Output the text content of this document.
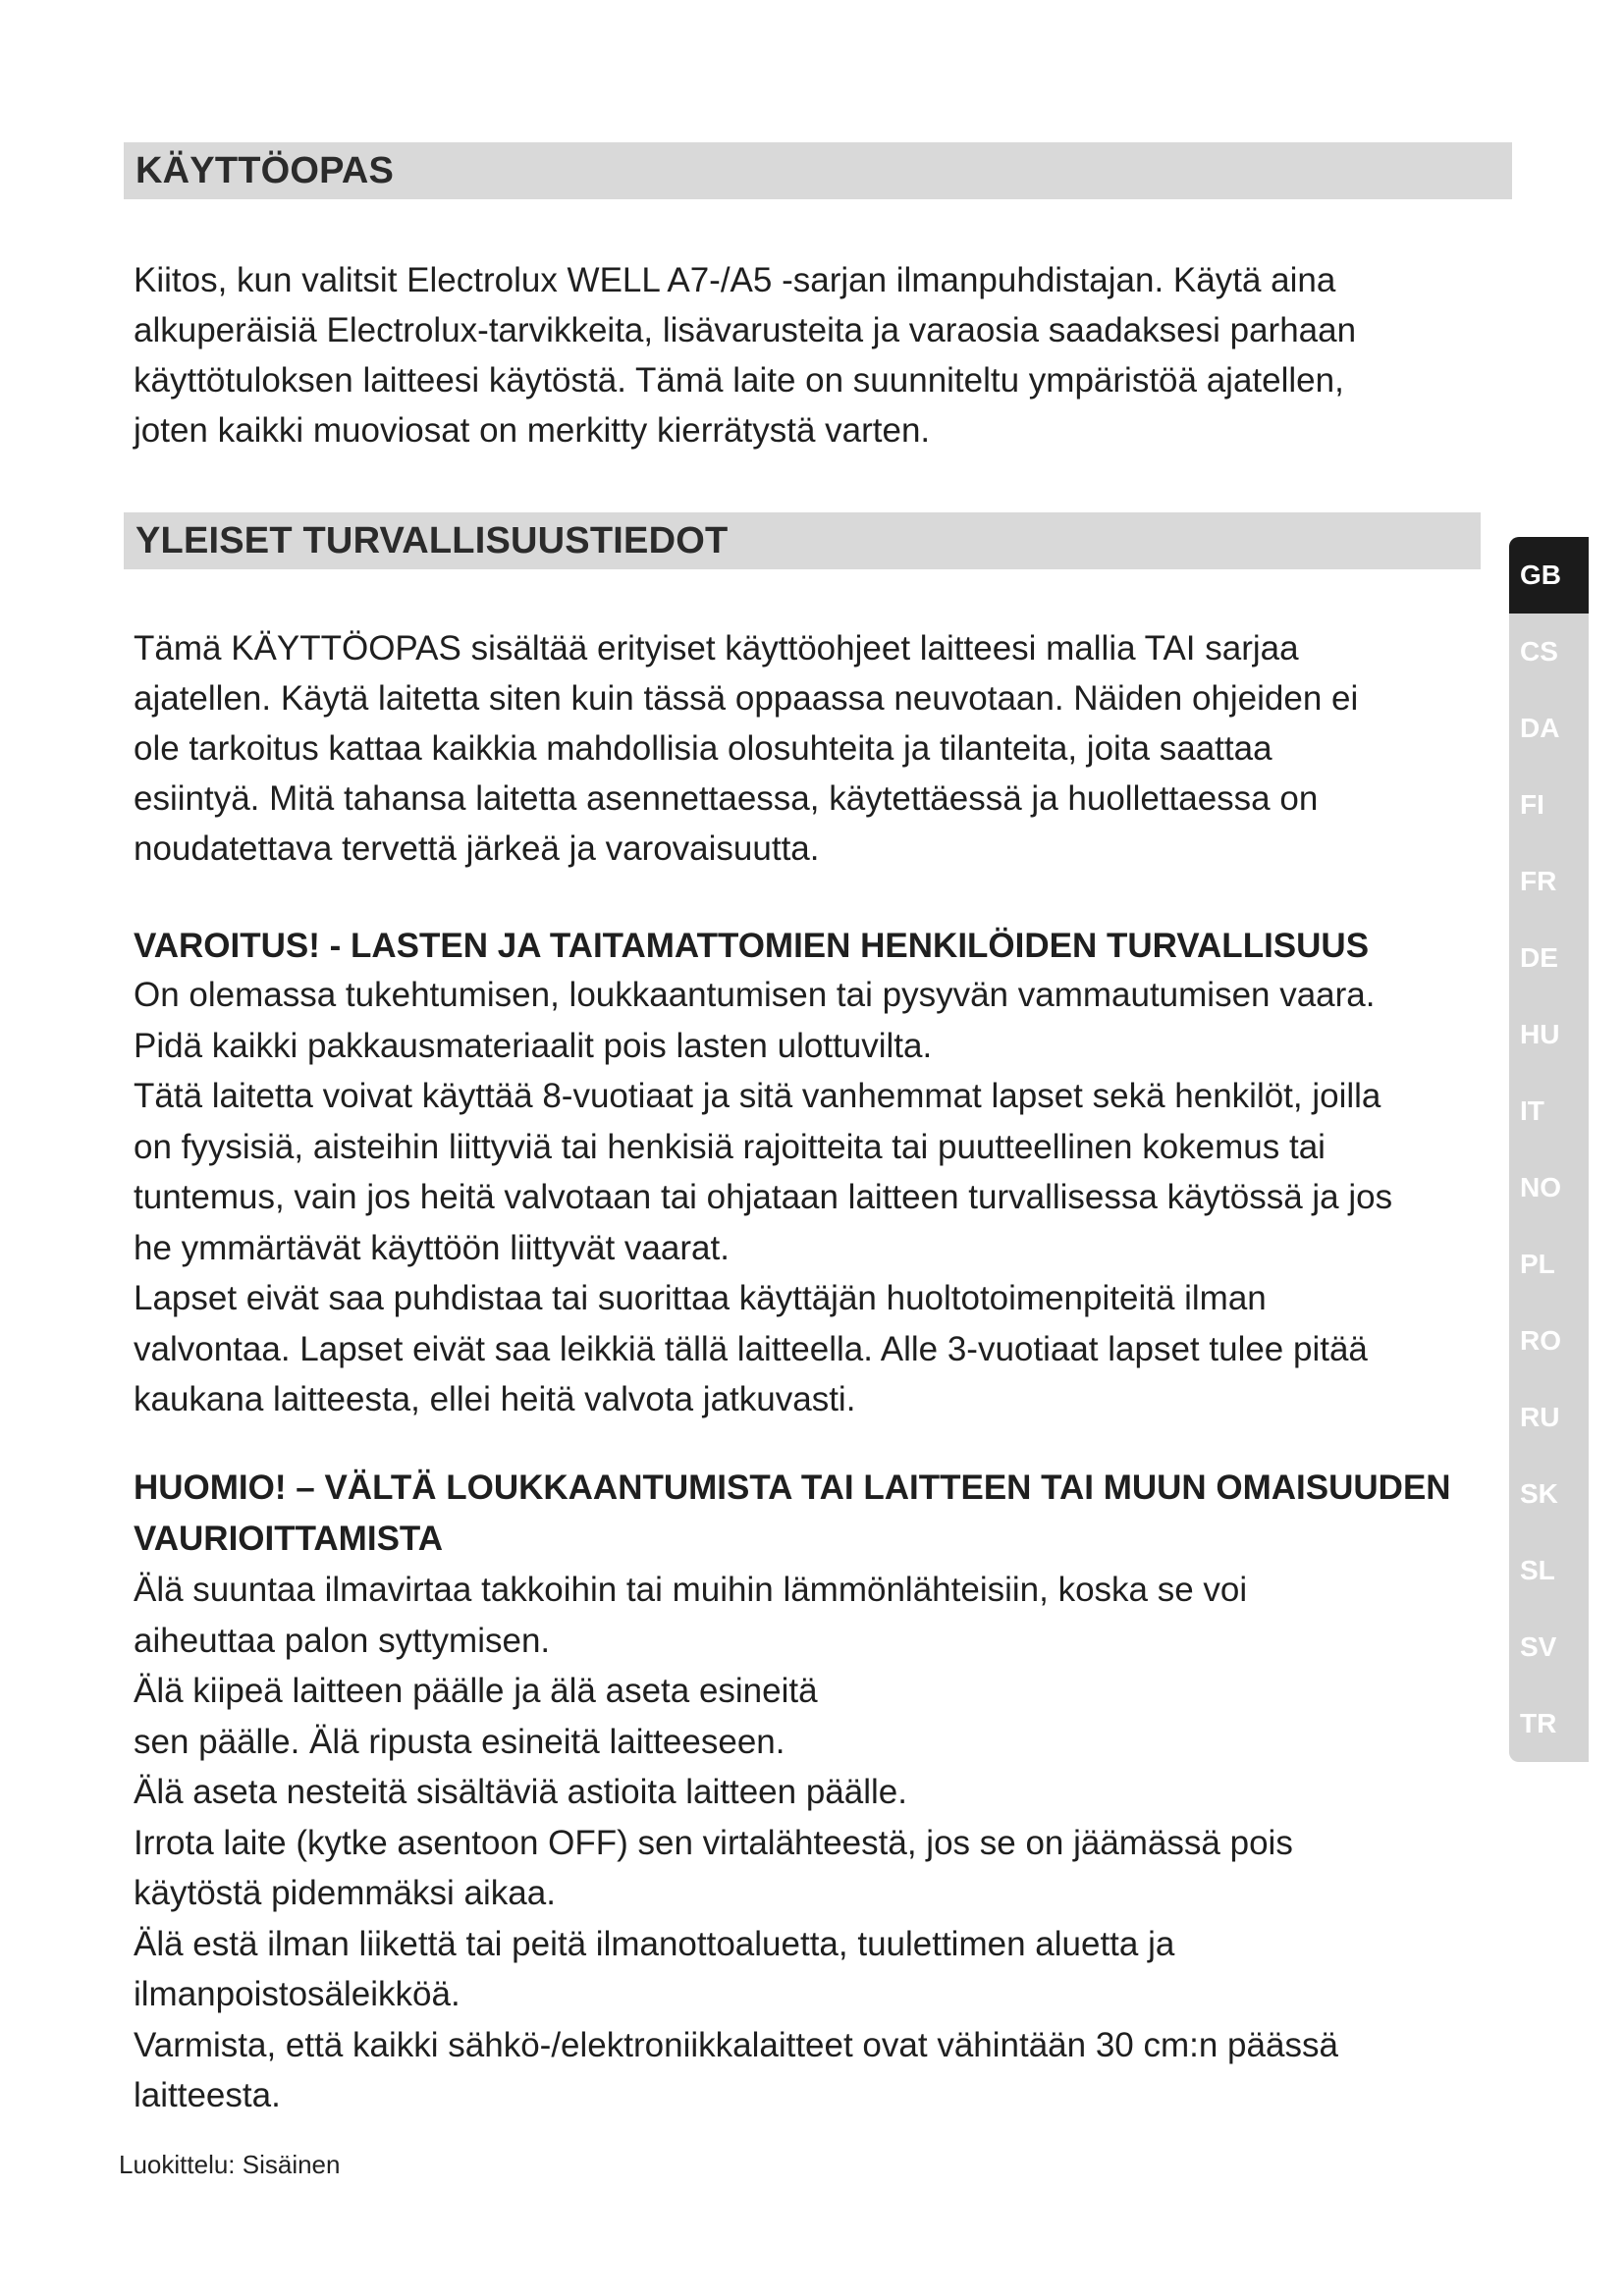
KÄYTTÖOPAS
Kiitos, kun valitsit Electrolux WELL A7-/A5 -sarjan ilmanpuhdistajan. Käytä aina
alkuperäisiä Electrolux-tarvikkeita, lisävarusteita ja varaosia saadaksesi parhaan
käyttötuloksen laitteesi käytöstä. Tämä laite on suunniteltu ympäristöä ajatellen,
joten kaikki muoviosat on merkitty kierrätystä varten.
YLEISET TURVALLISUUSTIEDOT
Tämä KÄYTTÖOPAS sisältää erityiset käyttöohjeet laitteesi mallia TAI sarjaa
ajatellen. Käytä laitetta siten kuin tässä oppaassa neuvotaan. Näiden ohjeiden ei
ole tarkoitus kattaa kaikkia mahdollisia olosuhteita ja tilanteita, joita saattaa
esiintyä. Mitä tahansa laitetta asennettaessa, käytettäessä ja huollettaessa on
noudatettava tervettä järkeä ja varovaisuutta.
VAROITUS! - LASTEN JA TAITAMATTOMIEN HENKILÖIDEN TURVALLISUUS
On olemassa tukehtumisen, loukkaantumisen tai pysyvän vammautumisen vaara.
Pidä kaikki pakkausmateriaalit pois lasten ulottuvilta.
Tätä laitetta voivat käyttää 8-vuotiaat ja sitä vanhemmat lapset sekä henkilöt, joilla
on fyysisiä, aisteihin liittyviä tai henkisiä rajoitteita tai puutteellinen kokemus tai
tuntemus, vain jos heitä valvotaan tai ohjataan laitteen turvallisessa käytössä ja jos
he ymmärtävät käyttöön liittyvät vaarat.
Lapset eivät saa puhdistaa tai suorittaa käyttäjän huoltotoimenpiteitä ilman
valvontaa. Lapset eivät saa leikkiä tällä laitteella. Alle 3-vuotiaat lapset tulee pitää
kaukana laitteesta, ellei heitä valvota jatkuvasti.
HUOMIO! – VÄLTÄ LOUKKAANTUMISTA TAI LAITTEEN TAI MUUN OMAISUUDEN
VAURIOITTAMISTA
Älä suuntaa ilmavirtaa takkoihin tai muihin lämmönlähteisiin, koska se voi
aiheuttaa palon syttymisen.
Älä kiipeä laitteen päälle ja älä aseta esineitä
sen päälle. Älä ripusta esineitä laitteeseen.
Älä aseta nesteitä sisältäviä astioita laitteen päälle.
Irrota laite (kytke asentoon OFF) sen virtalähteestä, jos se on jäämässä pois
käytöstä pidemmäksi aikaa.
Älä estä ilman liikettä tai peitä ilmanottoaluetta, tuulettimen aluetta ja
ilmanpoistosäleikköä.
Varmista, että kaikki sähkö-/elektroniikkalaitteet ovat vähintään 30 cm:n päässä
laitteesta.
GB
CS
DA
FI
FR
DE
HU
IT
NO
PL
RO
RU
SK
SL
SV
TR
Luokittelu: Sisäinen
